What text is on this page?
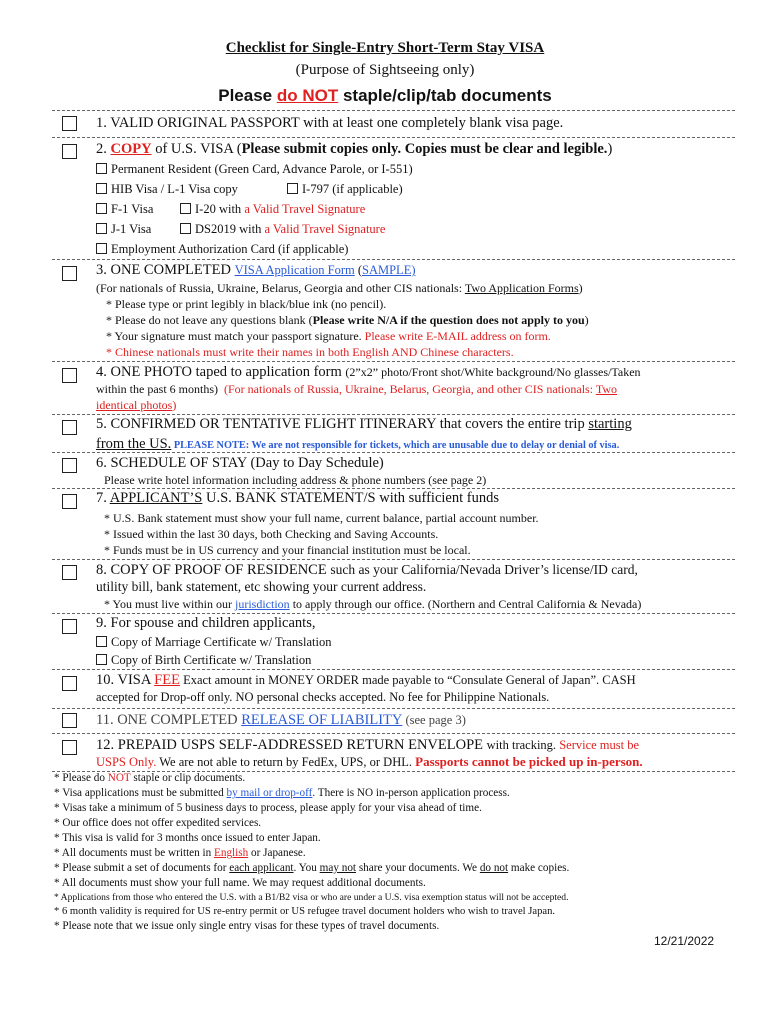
Checklist for Single-Entry Short-Term Stay VISA
(Purpose of Sightseeing only)
Please do NOT staple/clip/tab documents
1. VALID ORIGINAL PASSPORT with at least one completely blank visa page.
2. COPY of U.S. VISA (Please submit copies only. Copies must be clear and legible.)
Permanent Resident (Green Card, Advance Parole, or I-551)
HIB Visa / L-1 Visa copy	I-797 (if applicable)
F-1 Visa	I-20 with a Valid Travel Signature
J-1 Visa	DS2019 with a Valid Travel Signature
Employment Authorization Card (if applicable)
3. ONE COMPLETED VISA Application Form (SAMPLE)
(For nationals of Russia, Ukraine, Belarus, Georgia and other CIS nationals: Two Application Forms)
* Please type or print legibly in black/blue ink (no pencil).
* Please do not leave any questions blank (Please write N/A if the question does not apply to you)
* Your signature must match your passport signature. Please write E-MAIL address on form.
* Chinese nationals must write their names in both English AND Chinese characters.
4. ONE PHOTO taped to application form (2”x2” photo/Front shot/White background/No glasses/Taken
within the past 6 months) (For nationals of Russia, Ukraine, Belarus, Georgia, and other CIS nationals: Two
identical photos)
5. CONFIRMED OR TENTATIVE FLIGHT ITINERARY that covers the entire trip starting
from the US. PLEASE NOTE: We are not responsible for tickets, which are unusable due to delay or denial of visa.
6. SCHEDULE OF STAY (Day to Day Schedule)
Please write hotel information including address & phone numbers (see page 2)
7. APPLICANT’S U.S. BANK STATEMENT/S with sufficient funds
* U.S. Bank statement must show your full name, current balance, partial account number.
* Issued within the last 30 days, both Checking and Saving Accounts.
* Funds must be in US currency and your financial institution must be local.
8. COPY OF PROOF OF RESIDENCE such as your California/Nevada Driver’s license/ID card,
utility bill, bank statement, etc showing your current address.
* You must live within our jurisdiction to apply through our office. (Northern and Central California & Nevada)
9. For spouse and children applicants,
Copy of Marriage Certificate w/ Translation
Copy of Birth Certificate w/ Translation
10. VISA FEE Exact amount in MONEY ORDER made payable to “Consulate General of Japan”. CASH
accepted for Drop-off only. NO personal checks accepted. No fee for Philippine Nationals.
11. ONE COMPLETED RELEASE OF LIABILITY (see page 3)
12. PREPAID USPS SELF-ADDRESSED RETURN ENVELOPE with tracking. Service must be
USPS Only. We are not able to return by FedEx, UPS, or DHL. Passports cannot be picked up in-person.
* Please do NOT staple or clip documents.
* Visa applications must be submitted by mail or drop-off. There is NO in-person application process.
* Visas take a minimum of 5 business days to process, please apply for your visa ahead of time.
* Our office does not offer expedited services.
* This visa is valid for 3 months once issued to enter Japan.
* All documents must be written in English or Japanese.
* Please submit a set of documents for each applicant. You may not share your documents. We do not make copies.
* All documents must show your full name. We may request additional documents.
* Applications from those who entered the U.S. with a B1/B2 visa or who are under a U.S. visa exemption status will not be accepted.
* 6 month validity is required for US re-entry permit or US refugee travel document holders who wish to travel Japan.
* Please note that we issue only single entry visas for these types of travel documents.
12/21/2022
